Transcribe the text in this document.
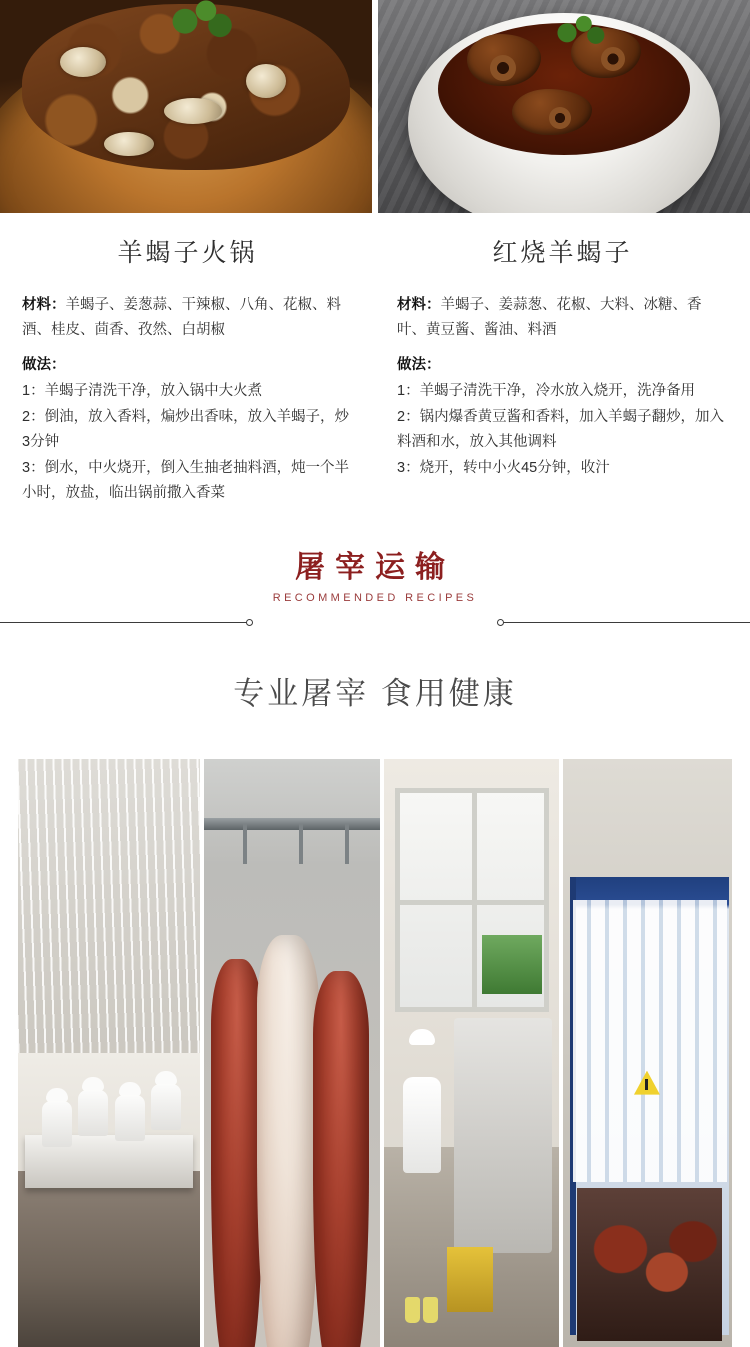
羊蝎子火锅
材料：羊蝎子、姜葱蒜、干辣椒、八角、花椒、料酒、桂皮、茴香、孜然、白胡椒
做法：
1：羊蝎子清洗干净，放入锅中大火煮
2：倒油，放入香料，煸炒出香味，放入羊蝎子，炒3分钟
3：倒水，中火烧开，倒入生抽老抽料酒，炖一个半小时，放盐，临出锅前撒入香菜
红烧羊蝎子
材料：羊蝎子、姜蒜葱、花椒、大料、冰糖、香叶、黄豆酱、酱油、料酒
做法：
1：羊蝎子清洗干净，冷水放入烧开，洗净备用
2：锅内爆香黄豆酱和香料，加入羊蝎子翻炒，加入料酒和水，放入其他调料
3：烧开，转中小火45分钟，收汁
屠宰运输
RECOMMENDED RECIPES
专业屠宰 食用健康
